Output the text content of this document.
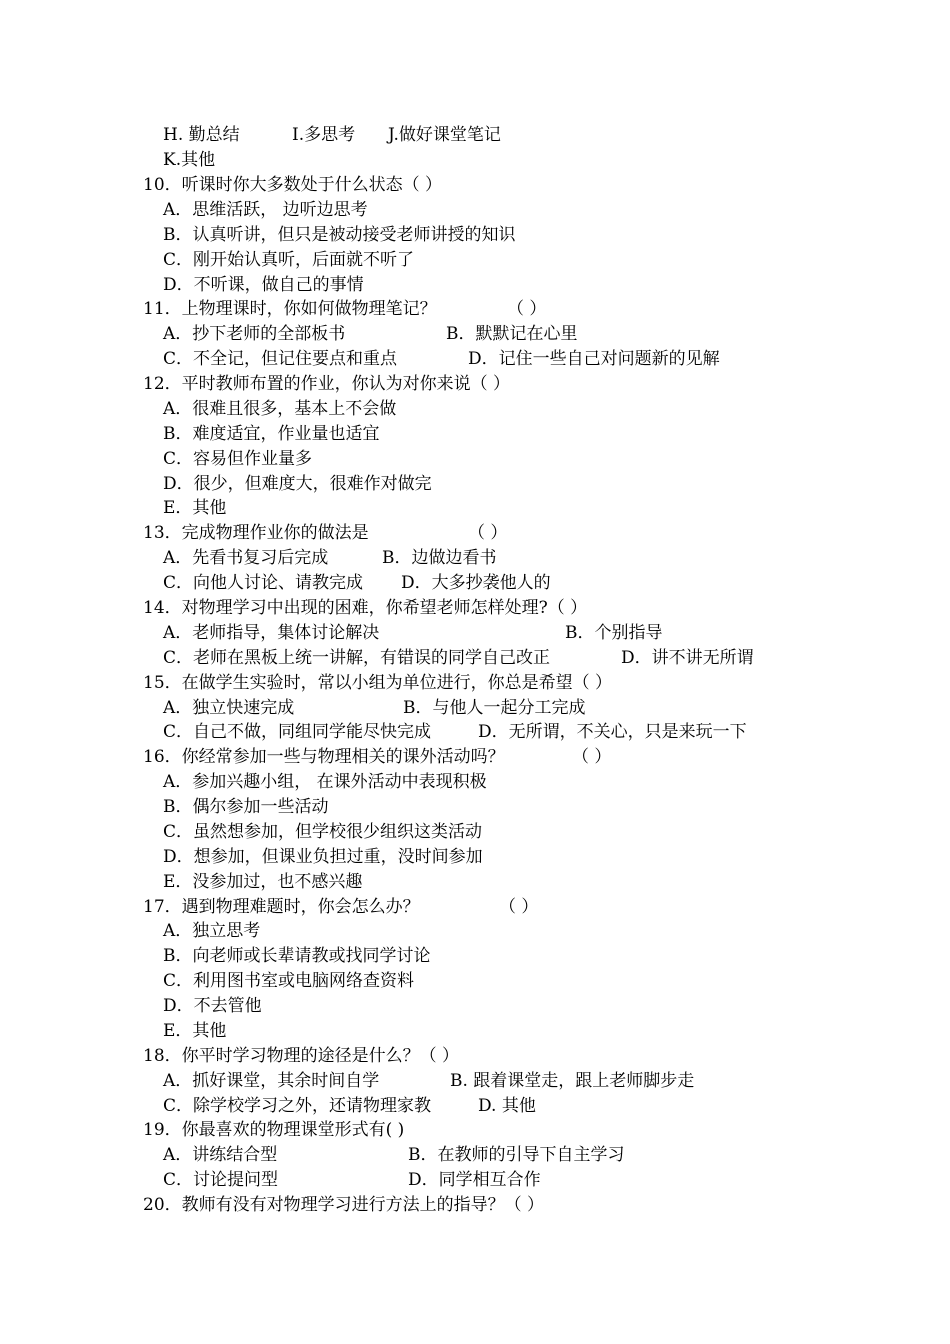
H. 勤总结	I.多思考 J.做好课堂笔记
K.其他
10．听课时你大多数处于什么状态（ ）
A．思维活跃， 边听边思考
B．认真听讲，但只是被动接受老师讲授的知识
C．刚开始认真听，后面就不听了
D．不听课，做自己的事情
11．上物理课时，你如何做物理笔记？	（ ）
A．抄下老师的全部板书	B．默默记在心里
C．不全记，但记住要点和重点	D．记住一些自己对问题新的见解
12．平时教师布置的作业，你认为对你来说（ ）
A．很难且很多，基本上不会做
B．难度适宜，作业量也适宜
C．容易但作业量多
D．很少，但难度大，很难作对做完
E．其他
13．完成物理作业你的做法是	（ ）
A．先看书复习后完成	B．边做边看书
C．向他人讨论、请教完成 D．大多抄袭他人的
14．对物理学习中出现的困难，你希望老师怎样处理?（ ）
A．老师指导，集体讨论解决	B．个别指导
C．老师在黑板上统一讲解，有错误的同学自己改正	D．讲不讲无所谓
15．在做学生实验时，常以小组为单位进行，你总是希望（ ）
A．独立快速完成	B．与他人一起分工完成
C．自己不做，同组同学能尽快完成	D．无所谓，不关心，只是来玩一下
16．你经常参加一些与物理相关的课外活动吗？	（ ）
A．参加兴趣小组， 在课外活动中表现积极
B．偶尔参加一些活动
C．虽然想参加，但学校很少组织这类活动
D．想参加，但课业负担过重，没时间参加
E．没参加过，也不感兴趣
17．遇到物理难题时，你会怎么办？	（ ）
A．独立思考
B．向老师或长辈请教或找同学讨论
C．利用图书室或电脑网络查资料
D．不去管他
E．其他
18．你平时学习物理的途径是什么？（ ）
A．抓好课堂，其余时间自学	B. 跟着课堂走，跟上老师脚步走
C．除学校学习之外，还请物理家教	D. 其他
19．你最喜欢的物理课堂形式有( )
A．讲练结合型	B．在教师的引导下自主学习
C．讨论提问型	D．同学相互合作
20．教师有没有对物理学习进行方法上的指导？（ ）
